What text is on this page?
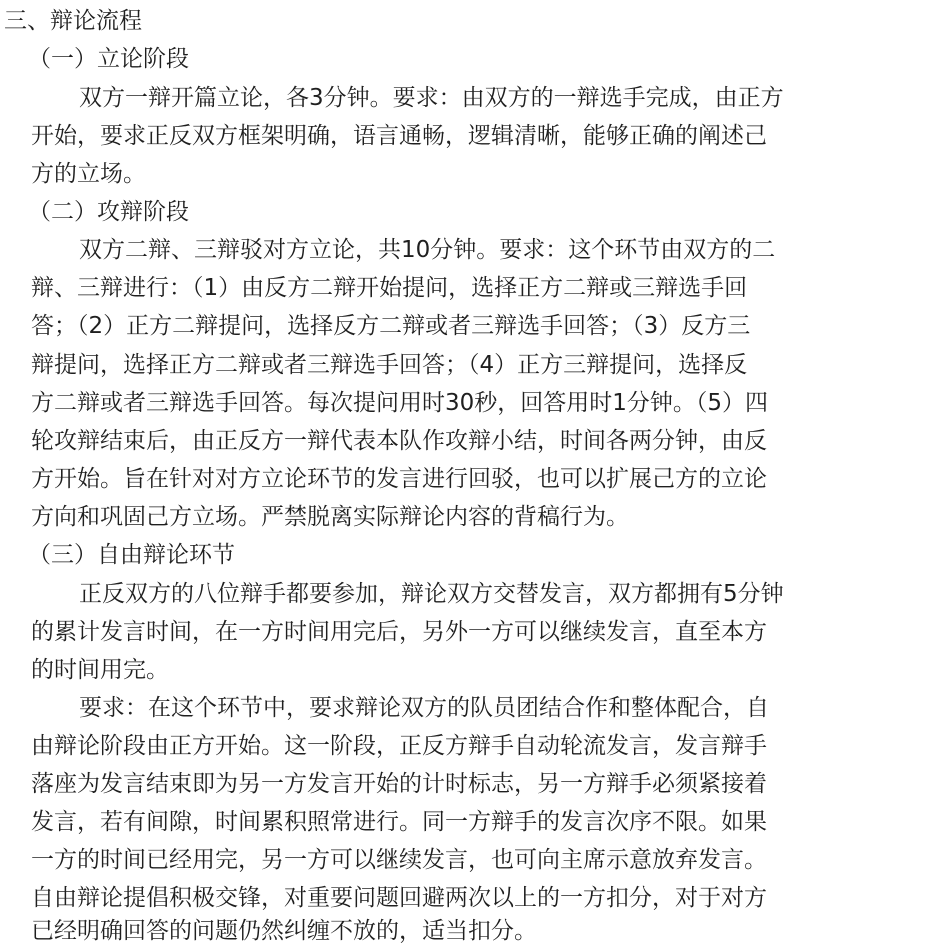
三、辩论流程
（一）立论阶段
双方一辩开篇立论，各3分钟。要求：由双方的一辩选手完成，由正方
开始，要求正反双方框架明确，语言通畅，逻辑清晰，能够正确的阐述己
方的立场。
（二）攻辩阶段
双方二辩、三辩驳对方立论，共10分钟。要求：这个环节由双方的二
辩、三辩进行：（1）由反方二辩开始提问，选择正方二辩或三辩选手回
答；（2）正方二辩提问，选择反方二辩或者三辩选手回答；（3）反方三
辩提问，选择正方二辩或者三辩选手回答；（4）正方三辩提问，选择反
方二辩或者三辩选手回答。每次提问用时30秒，回答用时1分钟。（5）四
轮攻辩结束后，由正反方一辩代表本队作攻辩小结，时间各两分钟，由反
方开始。旨在针对对方立论环节的发言进行回驳，也可以扩展己方的立论
方向和巩固己方立场。严禁脱离实际辩论内容的背稿行为。
（三）自由辩论环节
正反双方的八位辩手都要参加，辩论双方交替发言，双方都拥有5分钟
的累计发言时间，在一方时间用完后，另外一方可以继续发言，直至本方
的时间用完。
要求：在这个环节中，要求辩论双方的队员团结合作和整体配合，自
由辩论阶段由正方开始。这一阶段，正反方辩手自动轮流发言，发言辩手
落座为发言结束即为另一方发言开始的计时标志，另一方辩手必须紧接着
发言，若有间隙，时间累积照常进行。同一方辩手的发言次序不限。如果
一方的时间已经用完，另一方可以继续发言，也可向主席示意放弃发言。
自由辩论提倡积极交锋，对重要问题回避两次以上的一方扣分，对于对方
已经明确回答的问题仍然纠缠不放的，适当扣分。
